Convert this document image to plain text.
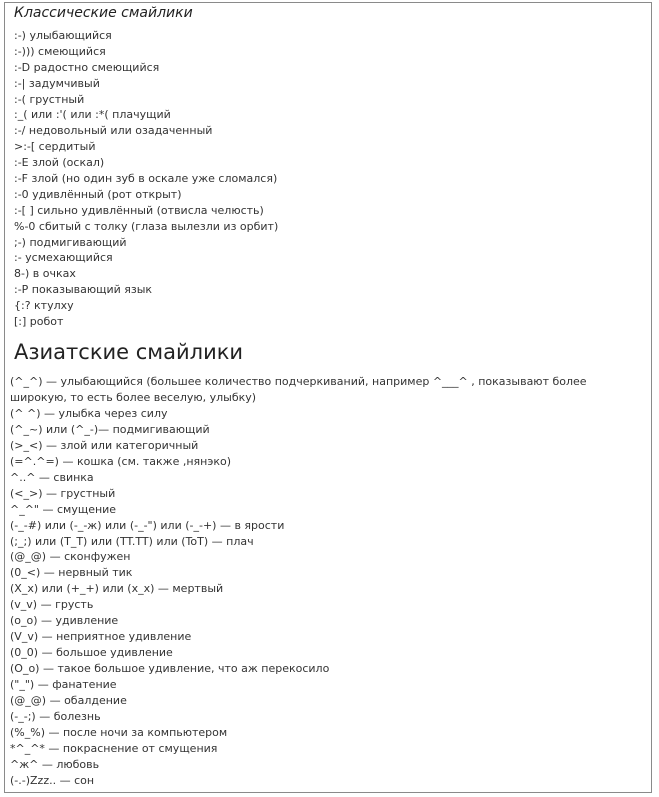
Классические смайлики
:-) улыбающийся
:-))) смеющийся
:-D радостно смеющийся
:-| задумчивый
:-( грустный
:_( или :'( или :*( плачущий
:-/ недовольный или озадаченный
>:-[ сердитый
:-E злой (оскал)
:-F злой (но один зуб в оскале уже сломался)
:-0 удивлённый (рот открыт)
:-[ ] сильно удивлённый (отвисла челюсть)
%-0 сбитый с толку (глаза вылезли из орбит)
;-) подмигивающий
:- усмехающийся
8-) в очках
:-P показывающий язык
{:? ктулху
[:] робот
Азиатские смайлики
(^_^) — улыбающийся (большее количество подчеркиваний, например ^___^ , показывают более широкую, то есть более веселую, улыбку)
(^ ^) — улыбка через силу
(^_~) или (^_-)— подмигивающий
(>_<) — злой или категоричный
(=^.^=) — кошка (см. также ,нянэко)
^..^ — свинка
(<_>) — грустный
^_^" — смущение
(-_-#) или (-_-ж) или (-_-") или (-_-+) — в ярости
(;_;) или (T_T) или (TT.TT) или (ToT) — плач
(@_@) — сконфужен
(0_<) — нервный тик
(X_x) или (+_+) или (x_x) — мертвый
(v_v) — грусть
(o_o) — удивление
(V_v) — неприятное удивление
(0_0) — большое удивление
(O_o) — такое большое удивление, что аж перекосило
("_") — фанатение
(@_@) — обалдение
(-_-;) — болезнь
(%_%) — после ночи за компьютером
*^_^* — покраснение от смущения
^ж^ — любовь
(-.-)Zzz.. — сон
